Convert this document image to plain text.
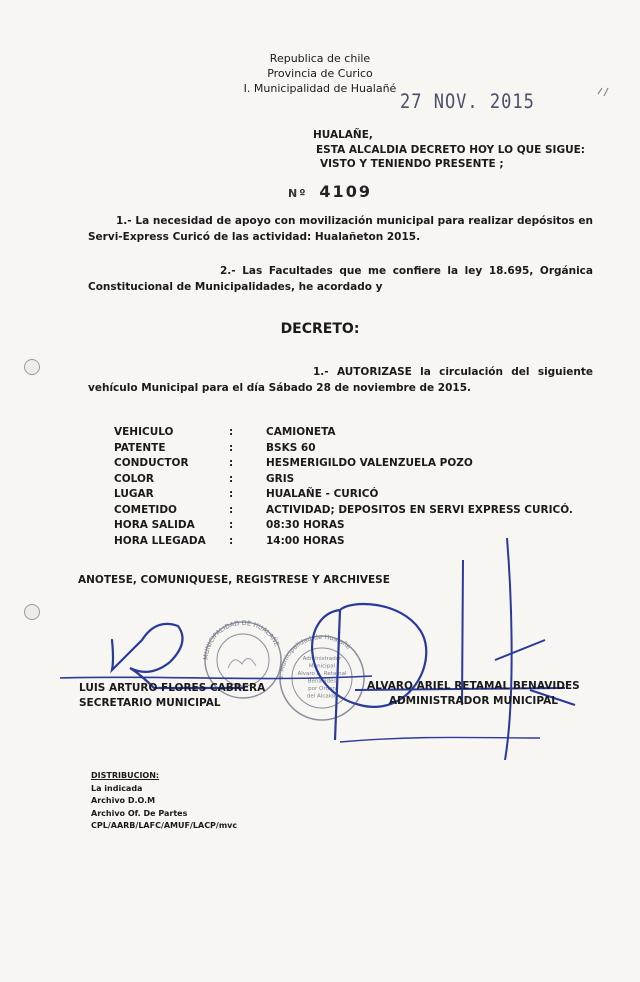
Republica de chile
Provincia de Curico
I. Municipalidad de Hualañé
27 NOV. 2015
HUALAÑE,
ESTA ALCALDIA DECRETO HOY LO QUE SIGUE:
VISTO Y TENIENDO PRESENTE ;
Nº 4109
1.- La necesidad de apoyo con movilización municipal para realizar depósitos en Servi-Express Curicó de las actividad: Hualañeton 2015.
2.- Las Facultades que me confiere la ley 18.695, Orgánica Constitucional de Municipalidades, he acordado y
DECRETO:
1.- AUTORIZASE la circulación del siguiente vehículo Municipal para el día Sábado 28 de noviembre de 2015.
VEHICULO	:	CAMIONETA
PATENTE	:	BSKS 60
CONDUCTOR	:	HESMERIGILDO VALENZUELA POZO
COLOR	:	GRIS
LUGAR	:	HUALAÑE - CURICÓ
COMETIDO	:	ACTIVIDAD; DEPOSITOS EN SERVI EXPRESS CURICÓ.
HORA SALIDA	:	08:30 HORAS
HORA LLEGADA	:	14:00 HORAS
ANOTESE, COMUNIQUESE, REGISTRESE Y ARCHIVESE
MUNICIPALIDAD DE HUALAÑE
I. Municipalidad de Hualañé
Administrador
Municipal
Alvaro A. Retamal
Benavides
por Orden
del Alcalde
LUIS ARTURO FLORES CABRERA
SECRETARIO MUNICIPAL
ALVARO ARIEL RETAMAL BENAVIDES
ADMINISTRADOR MUNICIPAL
DISTRIBUCION:
La indicada
Archivo D.O.M
Archivo Of. De Partes
CPL/AARB/LAFC/AMUF/LACP/mvc
